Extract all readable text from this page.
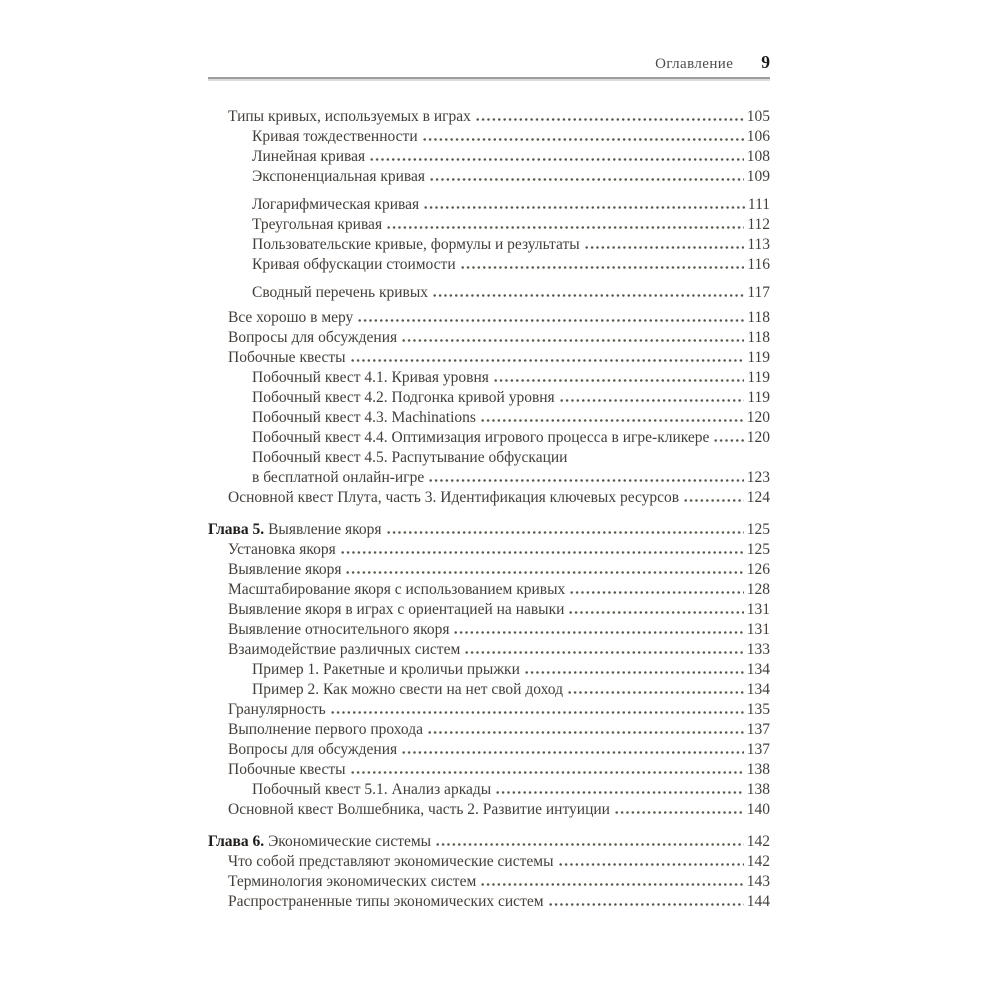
Оглавление 9
Типы кривых, используемых в играх	105
Кривая тождественности	106
Линейная кривая	108
Экспоненциальная кривая	109
Логарифмическая кривая	111
Треугольная кривая	112
Пользовательские кривые, формулы и результаты	113
Кривая обфускации стоимости	116
Сводный перечень кривых	117
Все хорошо в меру	118
Вопросы для обсуждения	118
Побочные квесты	119
Побочный квест 4.1. Кривая уровня	119
Побочный квест 4.2. Подгонка кривой уровня	119
Побочный квест 4.3. Machinations	120
Побочный квест 4.4. Оптимизация игрового процесса в игре-кликере 120
Побочный квест 4.5. Распутывание обфускации
в бесплатной онлайн-игре	123
Основной квест Плута, часть 3. Идентификация ключевых ресурсов	124
Глава 5. Выявление якоря	125
Установка якоря	125
Выявление якоря	126
Масштабирование якоря с использованием кривых	128
Выявление якоря в играх с ориентацией на навыки	131
Выявление относительного якоря	131
Взаимодействие различных систем	133
Пример 1. Ракетные и кроличьи прыжки	134
Пример 2. Как можно свести на нет свой доход	134
Гранулярность	135
Выполнение первого прохода	137
Вопросы для обсуждения	137
Побочные квесты	138
Побочный квест 5.1. Анализ аркады	138
Основной квест Волшебника, часть 2. Развитие интуиции	140
Глава 6. Экономические системы	142
Что собой представляют экономические системы	142
Терминология экономических систем	143
Распространенные типы экономических систем	144
